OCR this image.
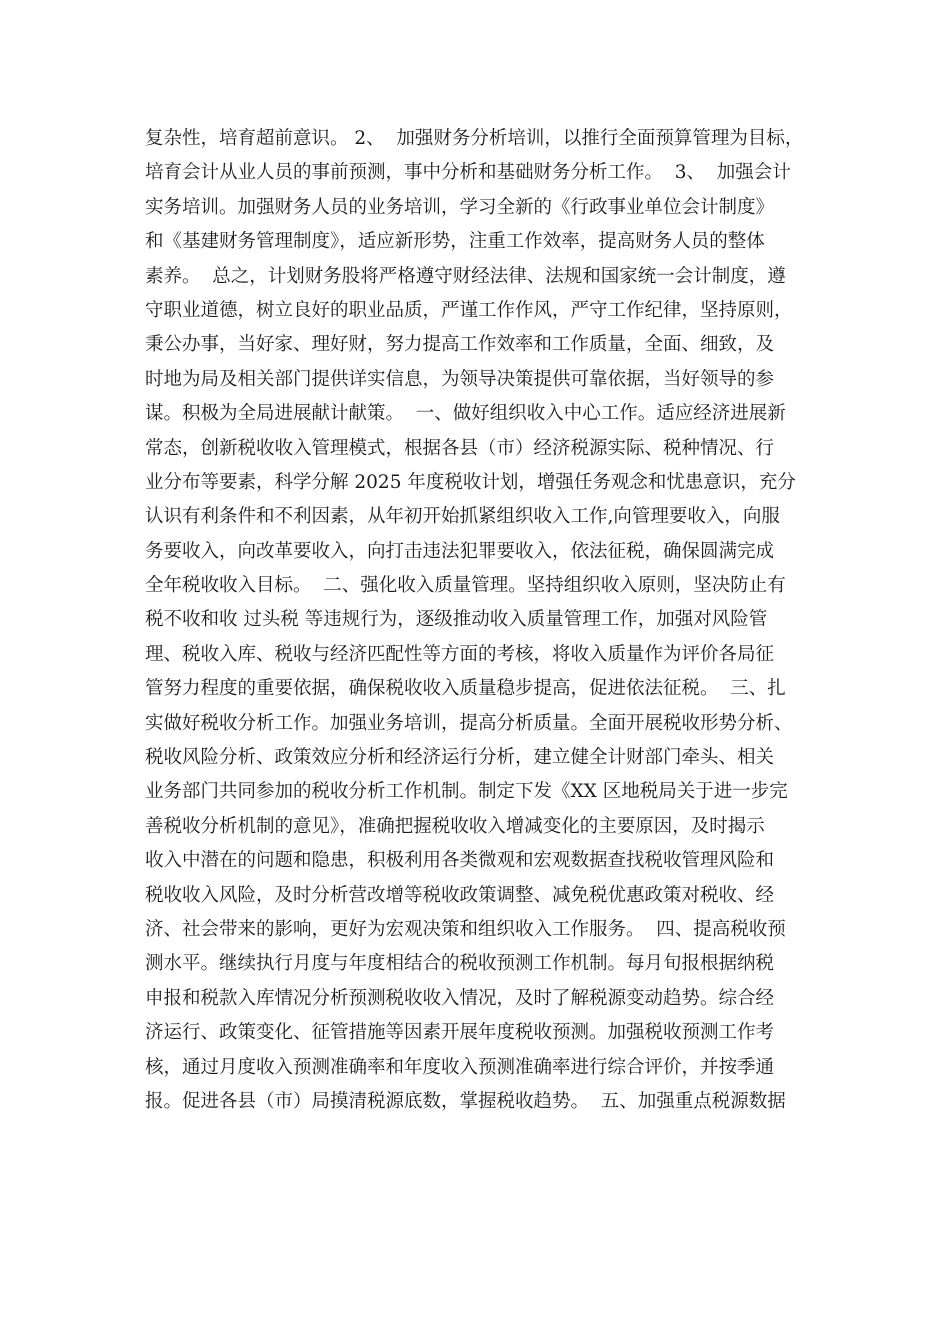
复杂性，培育超前意识。 2、  加强财务分析培训，以推行全面预算管理为目标，
培育会计从业人员的事前预测，事中分析和基础财务分析工作。  3、  加强会计
实务培训。加强财务人员的业务培训，学习全新的《行政事业单位会计制度》
和《基建财务管理制度》，适应新形势，注重工作效率，提高财务人员的整体
素养。  总之，计划财务股将严格遵守财经法律、法规和国家统一会计制度，遵
守职业道德，树立良好的职业品质，严谨工作作风，严守工作纪律，坚持原则，
秉公办事，当好家、理好财，努力提高工作效率和工作质量，全面、细致，及
时地为局及相关部门提供详实信息，为领导决策提供可靠依据，当好领导的参
谋。积极为全局进展献计献策。  一、做好组织收入中心工作。适应经济进展新
常态，创新税收收入管理模式，根据各县（市）经济税源实际、税种情况、行
业分布等要素，科学分解 2025 年度税收计划，增强任务观念和忧患意识，充分
认识有利条件和不利因素，从年初开始抓紧组织收入工作,向管理要收入，向服
务要收入，向改革要收入，向打击违法犯罪要收入，依法征税，确保圆满完成
全年税收收入目标。  二、强化收入质量管理。坚持组织收入原则，坚决防止有
税不收和收 过头税 等违规行为，逐级推动收入质量管理工作，加强对风险管
理、税收入库、税收与经济匹配性等方面的考核，将收入质量作为评价各局征
管努力程度的重要依据，确保税收收入质量稳步提高，促进依法征税。  三、扎
实做好税收分析工作。加强业务培训，提高分析质量。全面开展税收形势分析、
税收风险分析、政策效应分析和经济运行分析，建立健全计财部门牵头、相关
业务部门共同参加的税收分析工作机制。制定下发《XX 区地税局关于进一步完
善税收分析机制的意见》，准确把握税收收入增减变化的主要原因，及时揭示
收入中潜在的问题和隐患，积极利用各类微观和宏观数据查找税收管理风险和
税收收入风险，及时分析营改增等税收政策调整、减免税优惠政策对税收、经
济、社会带来的影响，更好为宏观决策和组织收入工作服务。  四、提高税收预
测水平。继续执行月度与年度相结合的税收预测工作机制。每月旬报根据纳税
申报和税款入库情况分析预测税收收入情况，及时了解税源变动趋势。综合经
济运行、政策变化、征管措施等因素开展年度税收预测。加强税收预测工作考
核，通过月度收入预测准确率和年度收入预测准确率进行综合评价，并按季通
报。促进各县（市）局摸清税源底数，掌握税收趋势。  五、加强重点税源数据
